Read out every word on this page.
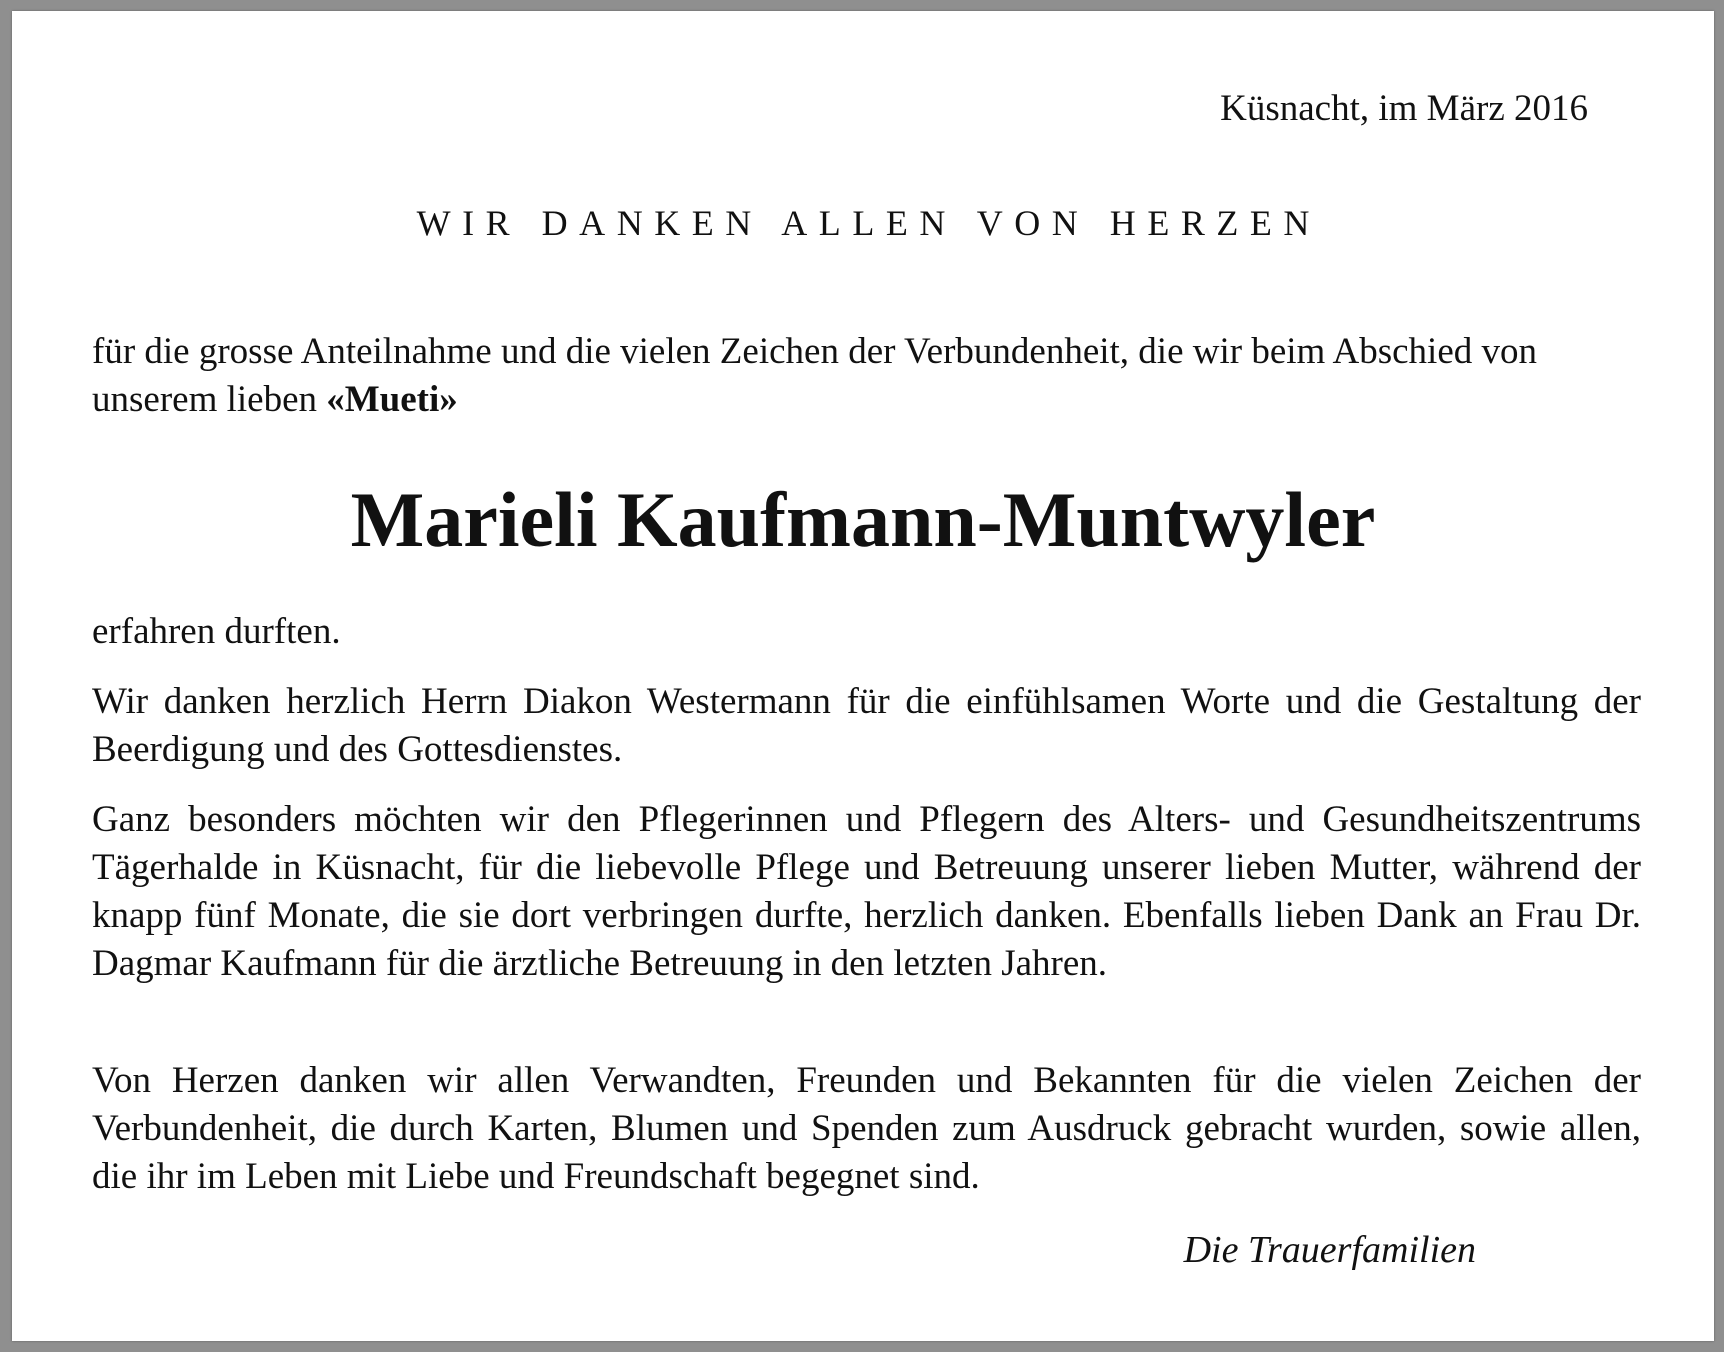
Küsnacht, im März 2016
WIR DANKEN ALLEN VON HERZEN

für die grosse Anteilnahme und die vielen Zeichen der Verbundenheit, die wir beim Abschied von unserem lieben «Mueti»

Marieli Kaufmann-Muntwyler

erfahren durften.

Wir danken herzlich Herrn Diakon Westermann für die einfühlsamen Worte und die Gestaltung der Beerdigung und des Gottesdienstes.

Ganz besonders möchten wir den Pflegerinnen und Pflegern des Alters- und Gesundheitszentrums Tägerhalde in Küsnacht, für die liebevolle Pflege und Betreuung unserer lieben Mutter, während der knapp fünf Monate, die sie dort verbringen durfte, herzlich danken. Ebenfalls lieben Dank an Frau Dr. Dagmar Kaufmann für die ärztliche Betreuung in den letzten Jahren.

Von Herzen danken wir allen Verwandten, Freunden und Bekannten für die vielen Zeichen der Verbundenheit, die durch Karten, Blumen und Spenden zum Ausdruck gebracht wurden, sowie allen, die ihr im Leben mit Liebe und Freundschaft begegnet sind.

Die Trauerfamilien
